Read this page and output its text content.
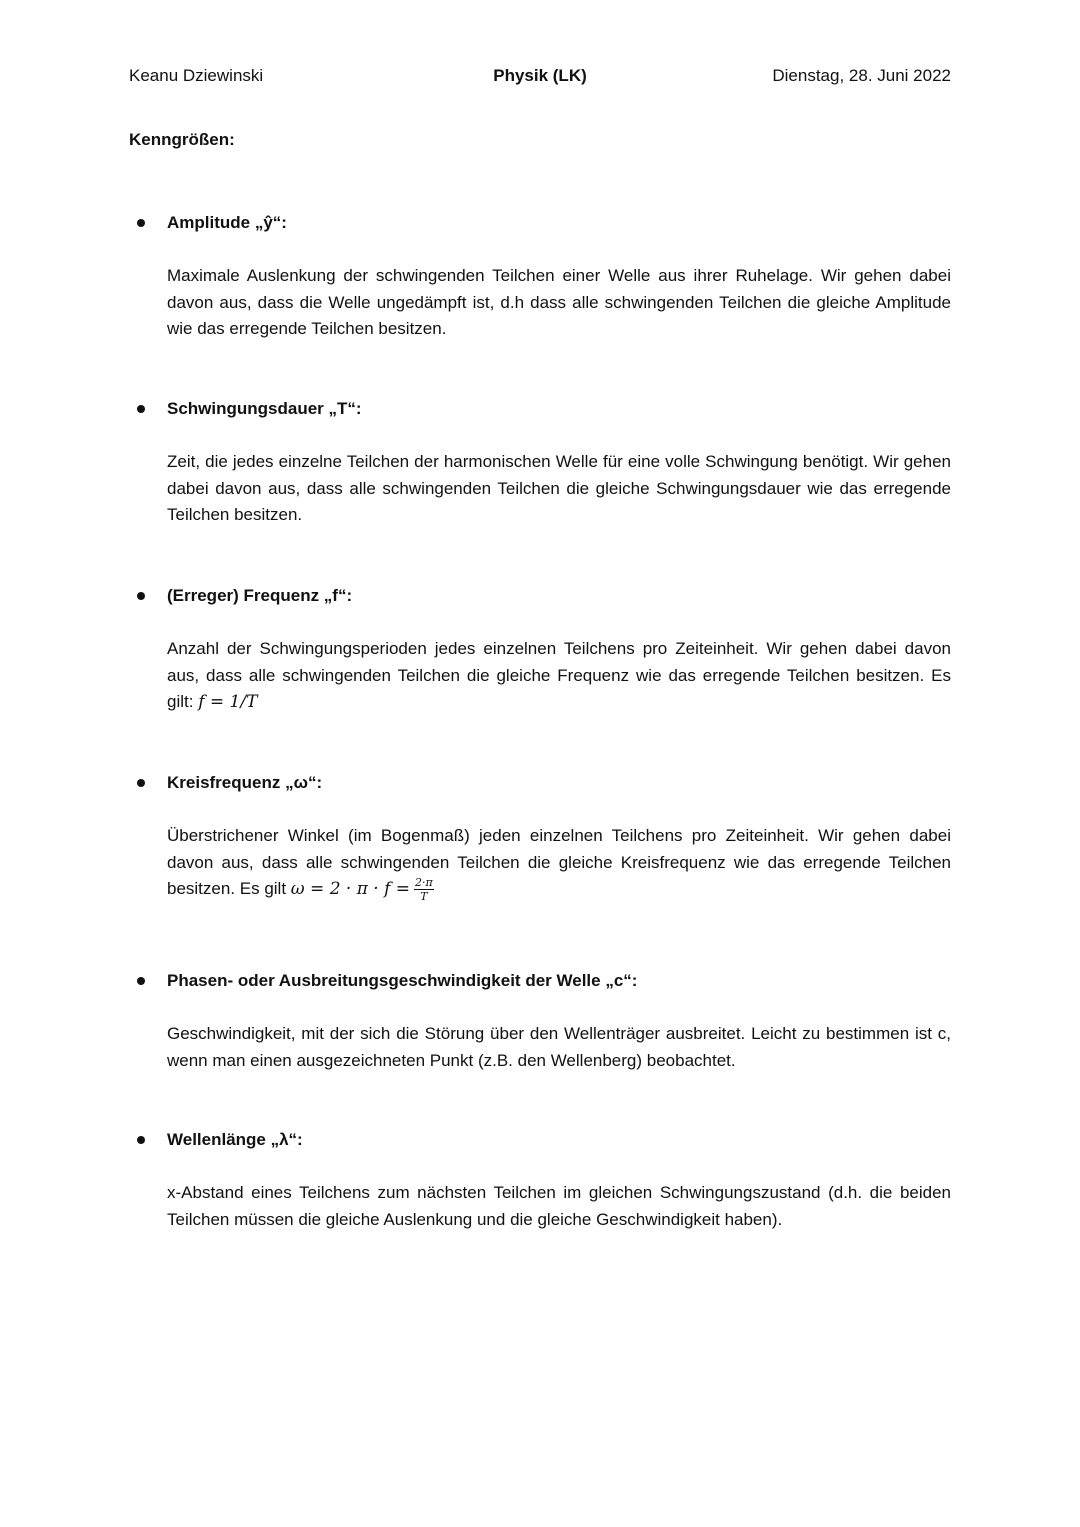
Keanu Dziewinski	Physik (LK)	Dienstag, 28. Juni 2022
Kenngrößen:
Amplitude „ŷ“:
Maximale Auslenkung der schwingenden Teilchen einer Welle aus ihrer Ruhelage. Wir gehen dabei davon aus, dass die Welle ungedämpft ist, d.h dass alle schwingenden Teilchen die gleiche Amplitude wie das erregende Teilchen besitzen.
Schwingungsdauer „T“:
Zeit, die jedes einzelne Teilchen der harmonischen Welle für eine volle Schwingung benötigt. Wir gehen dabei davon aus, dass alle schwingenden Teilchen die gleiche Schwingungsdauer wie das erregende Teilchen besitzen.
(Erreger) Frequenz „f“:
Anzahl der Schwingungsperioden jedes einzelnen Teilchens pro Zeiteinheit. Wir gehen dabei davon aus, dass alle schwingenden Teilchen die gleiche Frequenz wie das erregende Teilchen besitzen. Es gilt: f = 1/T
Kreisfrequenz „ω“:
Überstrichener Winkel (im Bogenmaß) jeden einzelnen Teilchens pro Zeiteinheit. Wir gehen dabei davon aus, dass alle schwingenden Teilchen die gleiche Kreisfrequenz wie das erregende Teilchen besitzen. Es gilt $\omega = 2 \cdot \pi \cdot f = \frac{2\cdot\pi}{T}$
Phasen- oder Ausbreitungsgeschwindigkeit der Welle „c“:
Geschwindigkeit, mit der sich die Störung über den Wellenträger ausbreitet. Leicht zu bestimmen ist c, wenn man einen ausgezeichneten Punkt (z.B. den Wellenberg) beobachtet.
Wellenlänge „λ“:
x-Abstand eines Teilchens zum nächsten Teilchen im gleichen Schwingungszustand (d.h. die beiden Teilchen müssen die gleiche Auslenkung und die gleiche Geschwindigkeit haben).
